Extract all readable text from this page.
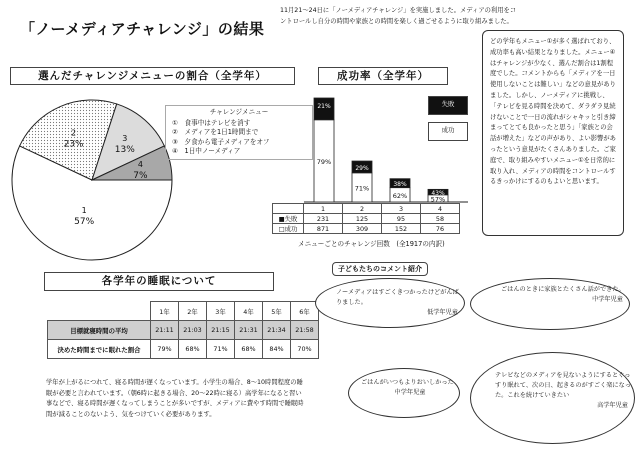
「ノーメディアチャレンジ」の結果
11月21～24日に「ノーメディアチャレンジ」を実施しました。メディアの利用をコントロールし自分の時間や家族との時間を楽しく過ごせるように取り組みました。
どの学年もメニュー①が多く選ばれており、成功率も高い結果となりました。メニュー④はチャレンジが少なく、選んだ割合は1割程度でした。コメントからも「メディアを一日使用しないことは難しい」などの意見がありました。しかし、ノーメディアに挑戦し、「テレビを見る時間を決めて、ダラダラ見続けないことで一日の流れがシャキッと引き締まってとても良かったと思う」「家族との会話が増えた」などの声があり、よい影響があったという意見がたくさんありました。ご家庭で、取り組みやすいメニュー①を日常的に取り入れ、メディアの時間をコントロールするきっかけにするのもよいと思います。
選んだチャレンジメニューの割合（全学年）
1
57%
2
23%
3
13%
4
7%
チャレンジメニュー
①　食事中はテレビを消す
②　メディアを1日1時間まで
③　夕食から電子メディアをオフ
④　1日中ノーメディア
成功率（全学年）
21%
79%
29%
71%	38%
62%	43%
57%
失敗
成功
	1	2	3	4
■失敗	231	125	95	58
□成功	871	309	152	76
メニューごとのチャレンジ回数　(全1917の内訳)
各学年の睡眠について
	1年	2年	3年	4年	5年	6年
目標就寝時間の平均	21:11	21:03	21:15	21:31	21:34	21:58
決めた時間までに眠れた割合	79%	68%	71%	68%	84%	70%
学年が上がるにつれて、寝る時間が遅くなっています。小学生の場合、8～10時間程度の睡眠が必要と言われています。（朝6時に起きる場合、20～22時に寝る）高学年になると習い事などで、寝る時間が遅くなってしまうことが多いですが、メディアに費やす時間で睡眠時間が減ることのないよう、気をつけていく必要があります。
ノーメディアはすごくきつかったけどがんばりました。
低学年児童
ごはんのときに家族とたくさん話ができた。
中学年児童
ごはんがいつもよりおいしかった
中学年児童
テレビなどのメディアを見ないようにするとぐっすり眠れて、次の日、起きるのがすごく楽になった。これを続けていきたい
高学年児童
子どもたちのコメント紹介
